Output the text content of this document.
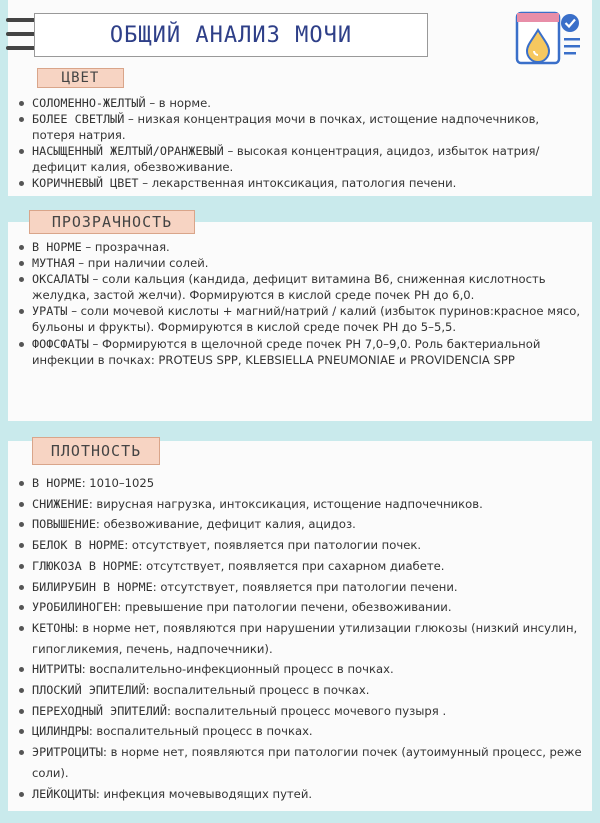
ОБЩИЙ АНАЛИЗ МОЧИ
ЦВЕТ
СОЛОМЕННО-ЖЕЛТЫЙ – в норме.
БОЛЕЕ СВЕТЛЫЙ – низкая концентрация мочи в почках, истощение надпочечников, потеря натрия.
НАСЫЩЕННЫЙ ЖЕЛТЫЙ/ОРАНЖЕВЫЙ – высокая концентрация, ацидоз, избыток натрия/дефицит калия, обезвоживание.
КОРИЧНЕВЫЙ ЦВЕТ – лекарственная интоксикация, патология печени.
ПРОЗРАЧНОСТЬ
В НОРМЕ – прозрачная.
МУТНАЯ – при наличии солей.
ОКСАЛАТЫ – соли кальция (кандида, дефицит витамина В6, сниженная кислотность желудка, застой желчи). Формируются в кислой среде почек РН до 6,0.
УРАТЫ – соли мочевой кислоты + магний/натрий / калий (избыток пуринов:красное мясо, бульоны и фрукты). Формируются в кислой среде почек РН до 5–5,5.
ФОФСФАТЫ – Формируются в щелочной среде почек РН 7,0–9,0. Роль бактериальной инфекции в почках: PROTEUS SPP, KLEBSIELLA PNEUMONIAE и PROVIDENCIA SPP
ПЛОТНОСТЬ
В НОРМЕ: 1010–1025
СНИЖЕНИЕ: вирусная нагрузка, интоксикация, истощение надпочечников.
ПОВЫШЕНИЕ: обезвоживание, дефицит калия, ацидоз.
БЕЛОК В НОРМЕ: отсутствует, появляется при патологии почек.
ГЛЮКОЗА В НОРМЕ: отсутствует, появляется при сахарном диабете.
БИЛИРУБИН В НОРМЕ: отсутствует, появляется при патологии печени.
УРОБИЛИНОГЕН: превышение при патологии печени, обезвоживании.
КЕТОНЫ: в норме нет, появляются при нарушении утилизации глюкозы (низкий инсулин, гипогликемия, печень, надпочечники).
НИТРИТЫ: воспалительно-инфекционный процесс в почках.
ПЛОСКИЙ ЭПИТЕЛИЙ: воспалительный процесс в почках.
ПЕРЕХОДНЫЙ ЭПИТЕЛИЙ: воспалительный процесс мочевого пузыря .
ЦИЛИНДРЫ: воспалительный процесс в почках.
ЭРИТРОЦИТЫ: в норме нет, появляются при патологии почек (аутоимунный процесс, реже соли).
ЛЕЙКОЦИТЫ: инфекция мочевыводящих путей.
